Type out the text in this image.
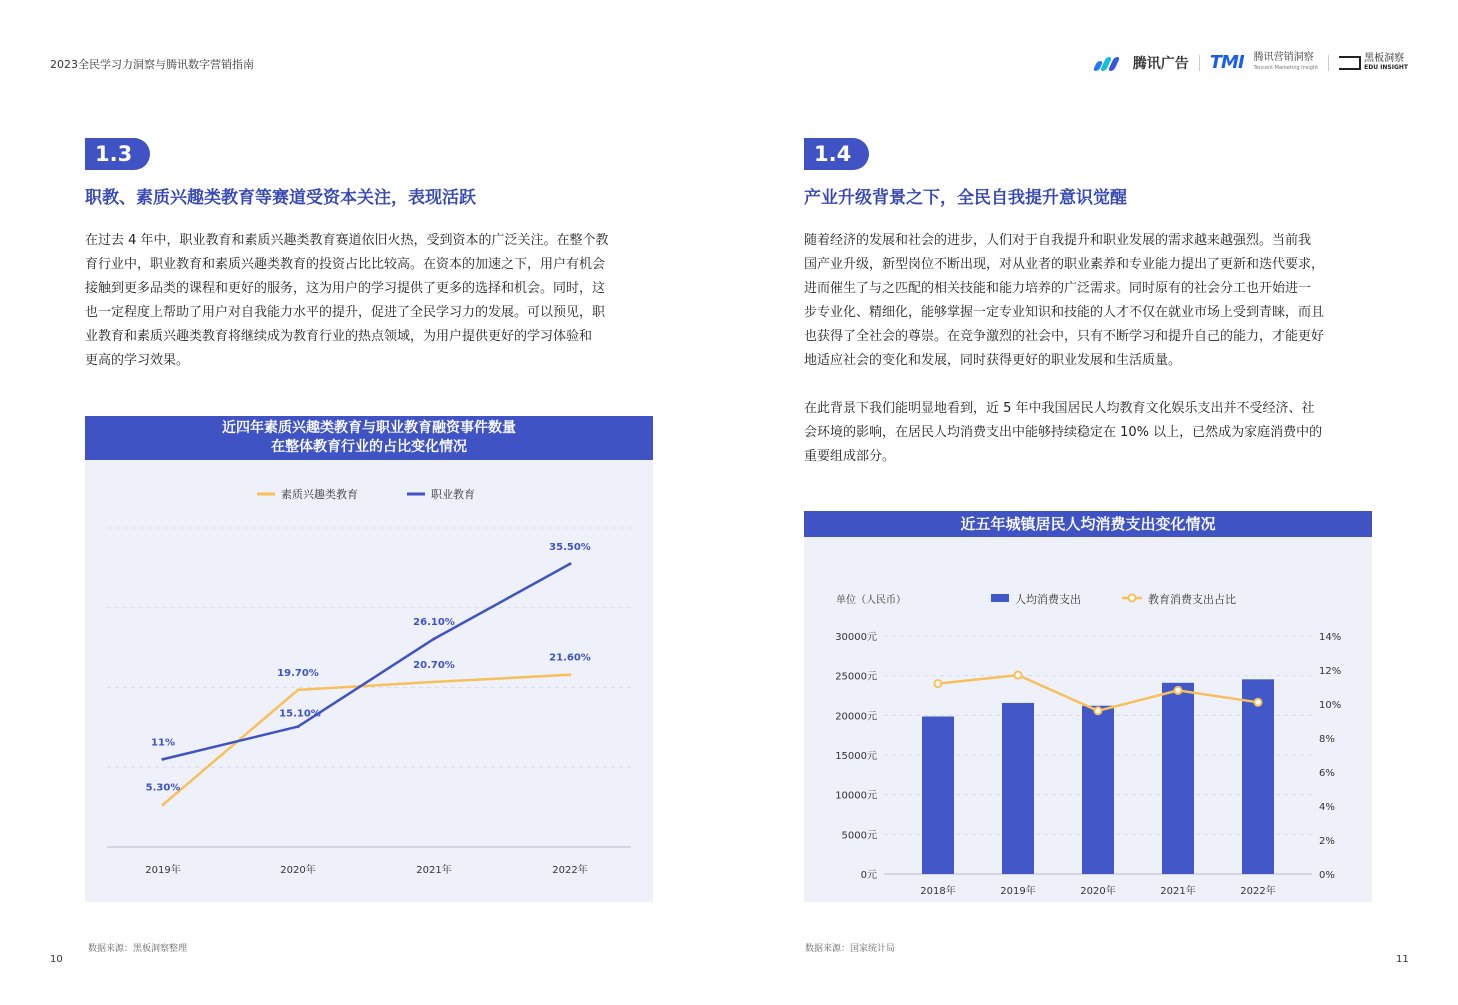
2023全民学习力洞察与腾讯数字营销指南	腾讯广告 TMI 腾讯营销洞察
Tencent Marketing Insight
黑板洞察
EDU INSIGHT
1.3
职教、素质兴趣类教育等赛道受资本关注，表现活跃
在过去 4 年中，职业教育和素质兴趣类教育赛道依旧火热，受到资本的广泛关注。在整个教
育行业中，职业教育和素质兴趣类教育的投资占比比较高。在资本的加速之下，用户有机会
接触到更多品类的课程和更好的服务，这为用户的学习提供了更多的选择和机会。同时，这
也一定程度上帮助了用户对自我能力水平的提升，促进了全民学习力的发展。可以预见，职
业教育和素质兴趣类教育将继续成为教育行业的热点领域，为用户提供更好的学习体验和
更高的学习效果。
近四年素质兴趣类教育与职业教育融资事件数量
在整体教育行业的占比变化情况
素质兴趣类教育	职业教育
2019年	2020年	2021年	2022年
5.30%
19.70%
20.70%
21.60%
11%
15.10%
26.10%
35.50%
数据来源：黑板洞察整理
10
1.4
产业升级背景之下，全民自我提升意识觉醒
随着经济的发展和社会的进步，人们对于自我提升和职业发展的需求越来越强烈。当前我
国产业升级，新型岗位不断出现，对从业者的职业素养和专业能力提出了更新和迭代要求，
进而催生了与之匹配的相关技能和能力培养的广泛需求。同时原有的社会分工也开始进一
步专业化、精细化，能够掌握一定专业知识和技能的人才不仅在就业市场上受到青睐，而且
也获得了全社会的尊崇。在竞争激烈的社会中，只有不断学习和提升自己的能力，才能更好
地适应社会的变化和发展，同时获得更好的职业发展和生活质量。
在此背景下我们能明显地看到，近 5 年中我国居民人均教育文化娱乐支出并不受经济、社
会环境的影响，在居民人均消费支出中能够持续稳定在 10% 以上，已然成为家庭消费中的
重要组成部分。
近五年城镇居民人均消费支出变化情况
单位（人民币）	人均消费支出	教育消费支出占比
0元
5000元
10000元
15000元
20000元
25000元
30000元
0%
2%
4%
6%
8%
10%
12%
14%
2018年	2019年	2020年	2021年	2022年
数据来源：国家统计局
11
